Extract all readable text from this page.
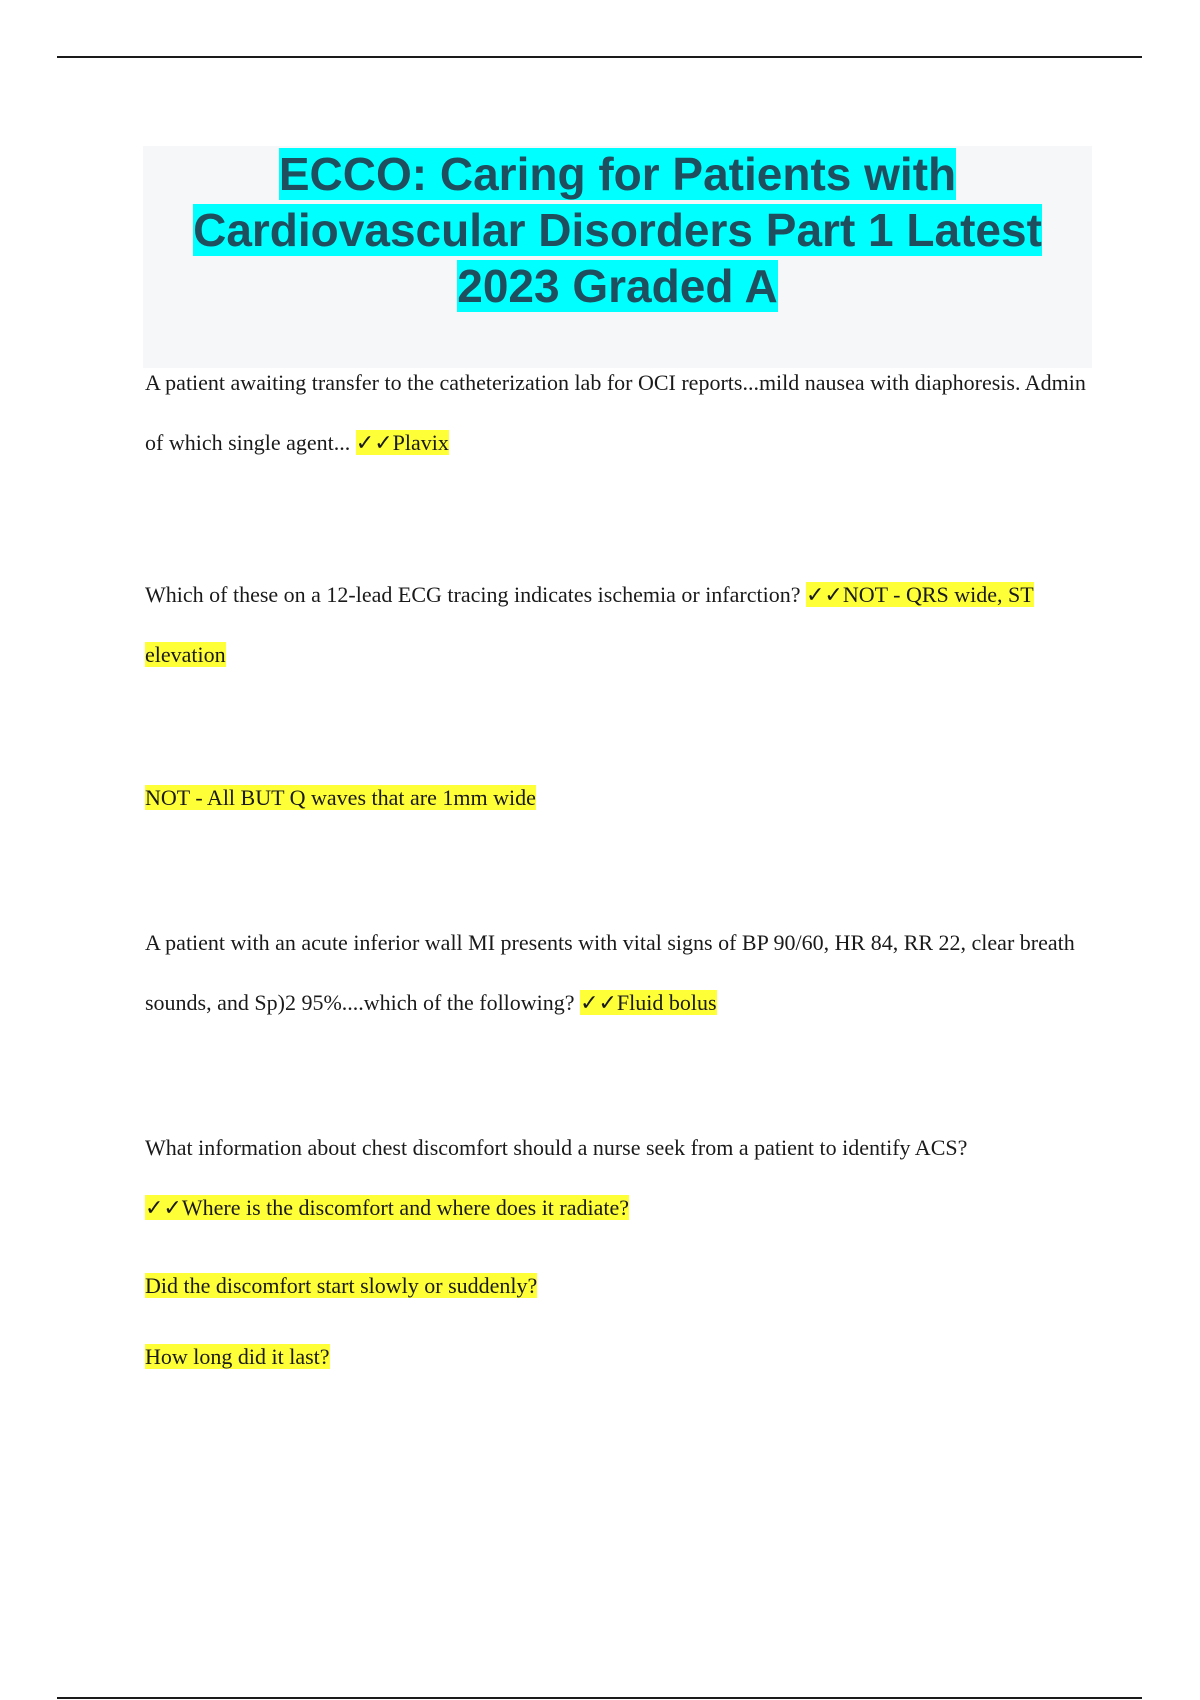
ECCO: Caring for Patients with
Cardiovascular Disorders Part 1 Latest
2023 Graded A

A patient awaiting transfer to the catheterization lab for OCI reports...mild nausea with diaphoresis. Admin of which single agent... ✓✓Plavix

Which of these on a 12-lead ECG tracing indicates ischemia or infarction? ✓✓NOT - QRS wide, ST elevation

NOT - All BUT Q waves that are 1mm wide

A patient with an acute inferior wall MI presents with vital signs of BP 90/60, HR 84, RR 22, clear breath sounds, and Sp)2 95%....which of the following? ✓✓Fluid bolus

What information about chest discomfort should a nurse seek from a patient to identify ACS?

✓✓Where is the discomfort and where does it radiate?

Did the discomfort start slowly or suddenly?

How long did it last?
